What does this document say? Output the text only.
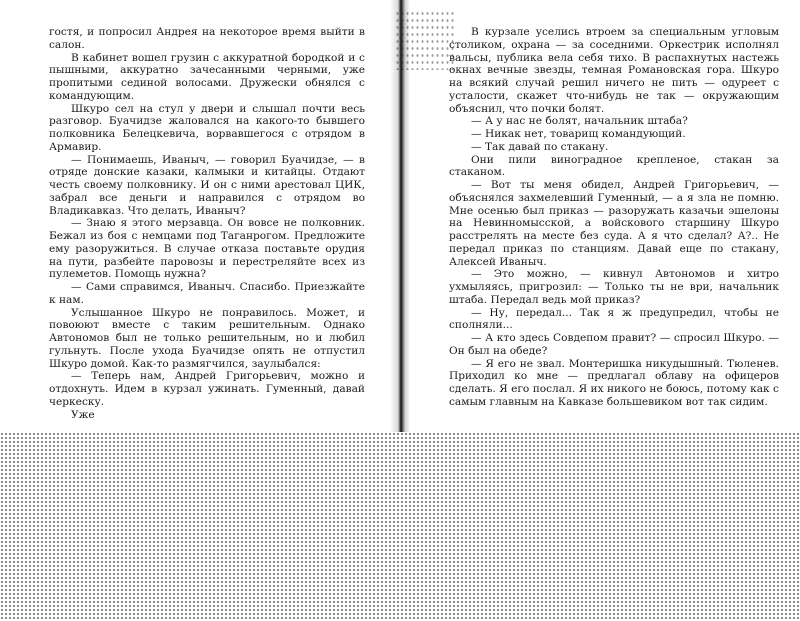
гостя, и попросил Андрея на некоторое время выйти в салон.

В кабинет вошел грузин с аккуратной бородкой и с пышными, аккуратно зачесанными черными, уже пропитыми сединой волосами. Дружески обнялся с командующим.

Шкуро сел на стул у двери и слышал почти весь разговор. Буачидзе жаловался на какого-то бывшего полковника Белецкевича, ворвавшегося с отрядом в Армавир.

— Понимаешь, Иваныч, — говорил Буачидзе, — в отряде донские казаки, калмыки и китайцы. Отдают честь своему полковнику. И он с ними арестовал ЦИК, забрал все деньги и направился с отрядом во Владикавказ. Что делать, Иваныч?

— Знаю я этого мерзавца. Он вовсе не полковник. Бежал из боя с немцами под Таганрогом. Предложите ему разоружиться. В случае отказа поставьте орудия на пути, разбейте паровозы и перестреляйте всех из пулеметов. Помощь нужна?

— Сами справимся, Иваныч. Спасибо. Приезжайте к нам.

Услышанное Шкуро не понравилось. Может, и повоюют вместе с таким решительным. Однако Автономов был не только решительным, но и любил гульнуть. После ухода Буачидзе опять не отпустил Шкуро домой. Как-то размягчился, заулыбался:

— Теперь нам, Андрей Григорьевич, можно и отдохнуть. Идем в курзал ужинать. Гуменный, давай черкеску.

Уже

В курзале уселись втроем за специальным угловым столиком, охрана — за соседними. Оркестрик исполнял вальсы, публика вела себя тихо. В распахнутых настежь окнах вечные звезды, темная Романовская гора. Шкуро на всякий случай решил ничего не пить — одуреет с усталости, скажет что-нибудь не так — окружающим объяснил, что почки болят.

— А у нас не болят, начальник штаба?

— Никак нет, товарищ командующий.

— Так давай по стакану.

Они пили виноградное крепленое, стакан за стаканом.

— Вот ты меня обидел, Андрей Григорьевич, — объяснялся захмелевший Гуменный, — а я зла не помню. Мне осенью был приказ — разоружать казачьи эшелоны на Невинномысской, а войскового старшину Шкуро расстрелять на месте без суда. А я что сделал? А?.. Не передал приказ по станциям. Давай еще по стакану, Алексей Иваныч.

— Это можно, — кивнул Автономов и хитро ухмыляясь, пригрозил: — Только ты не ври, начальник штаба. Передал ведь мой приказ?

— Ну, передал... Так я ж предупредил, чтобы не сполняли...

— А кто здесь Совдепом правит? — спросил Шкуро. — Он был на обеде?

— Я его не звал. Монтеришка никудышный. Тюленев. Приходил ко мне — предлагал облаву на офицеров сделать. Я его послал. Я их никого не боюсь, потому как с самым главным на Кавказе большевиком вот так сидим.
